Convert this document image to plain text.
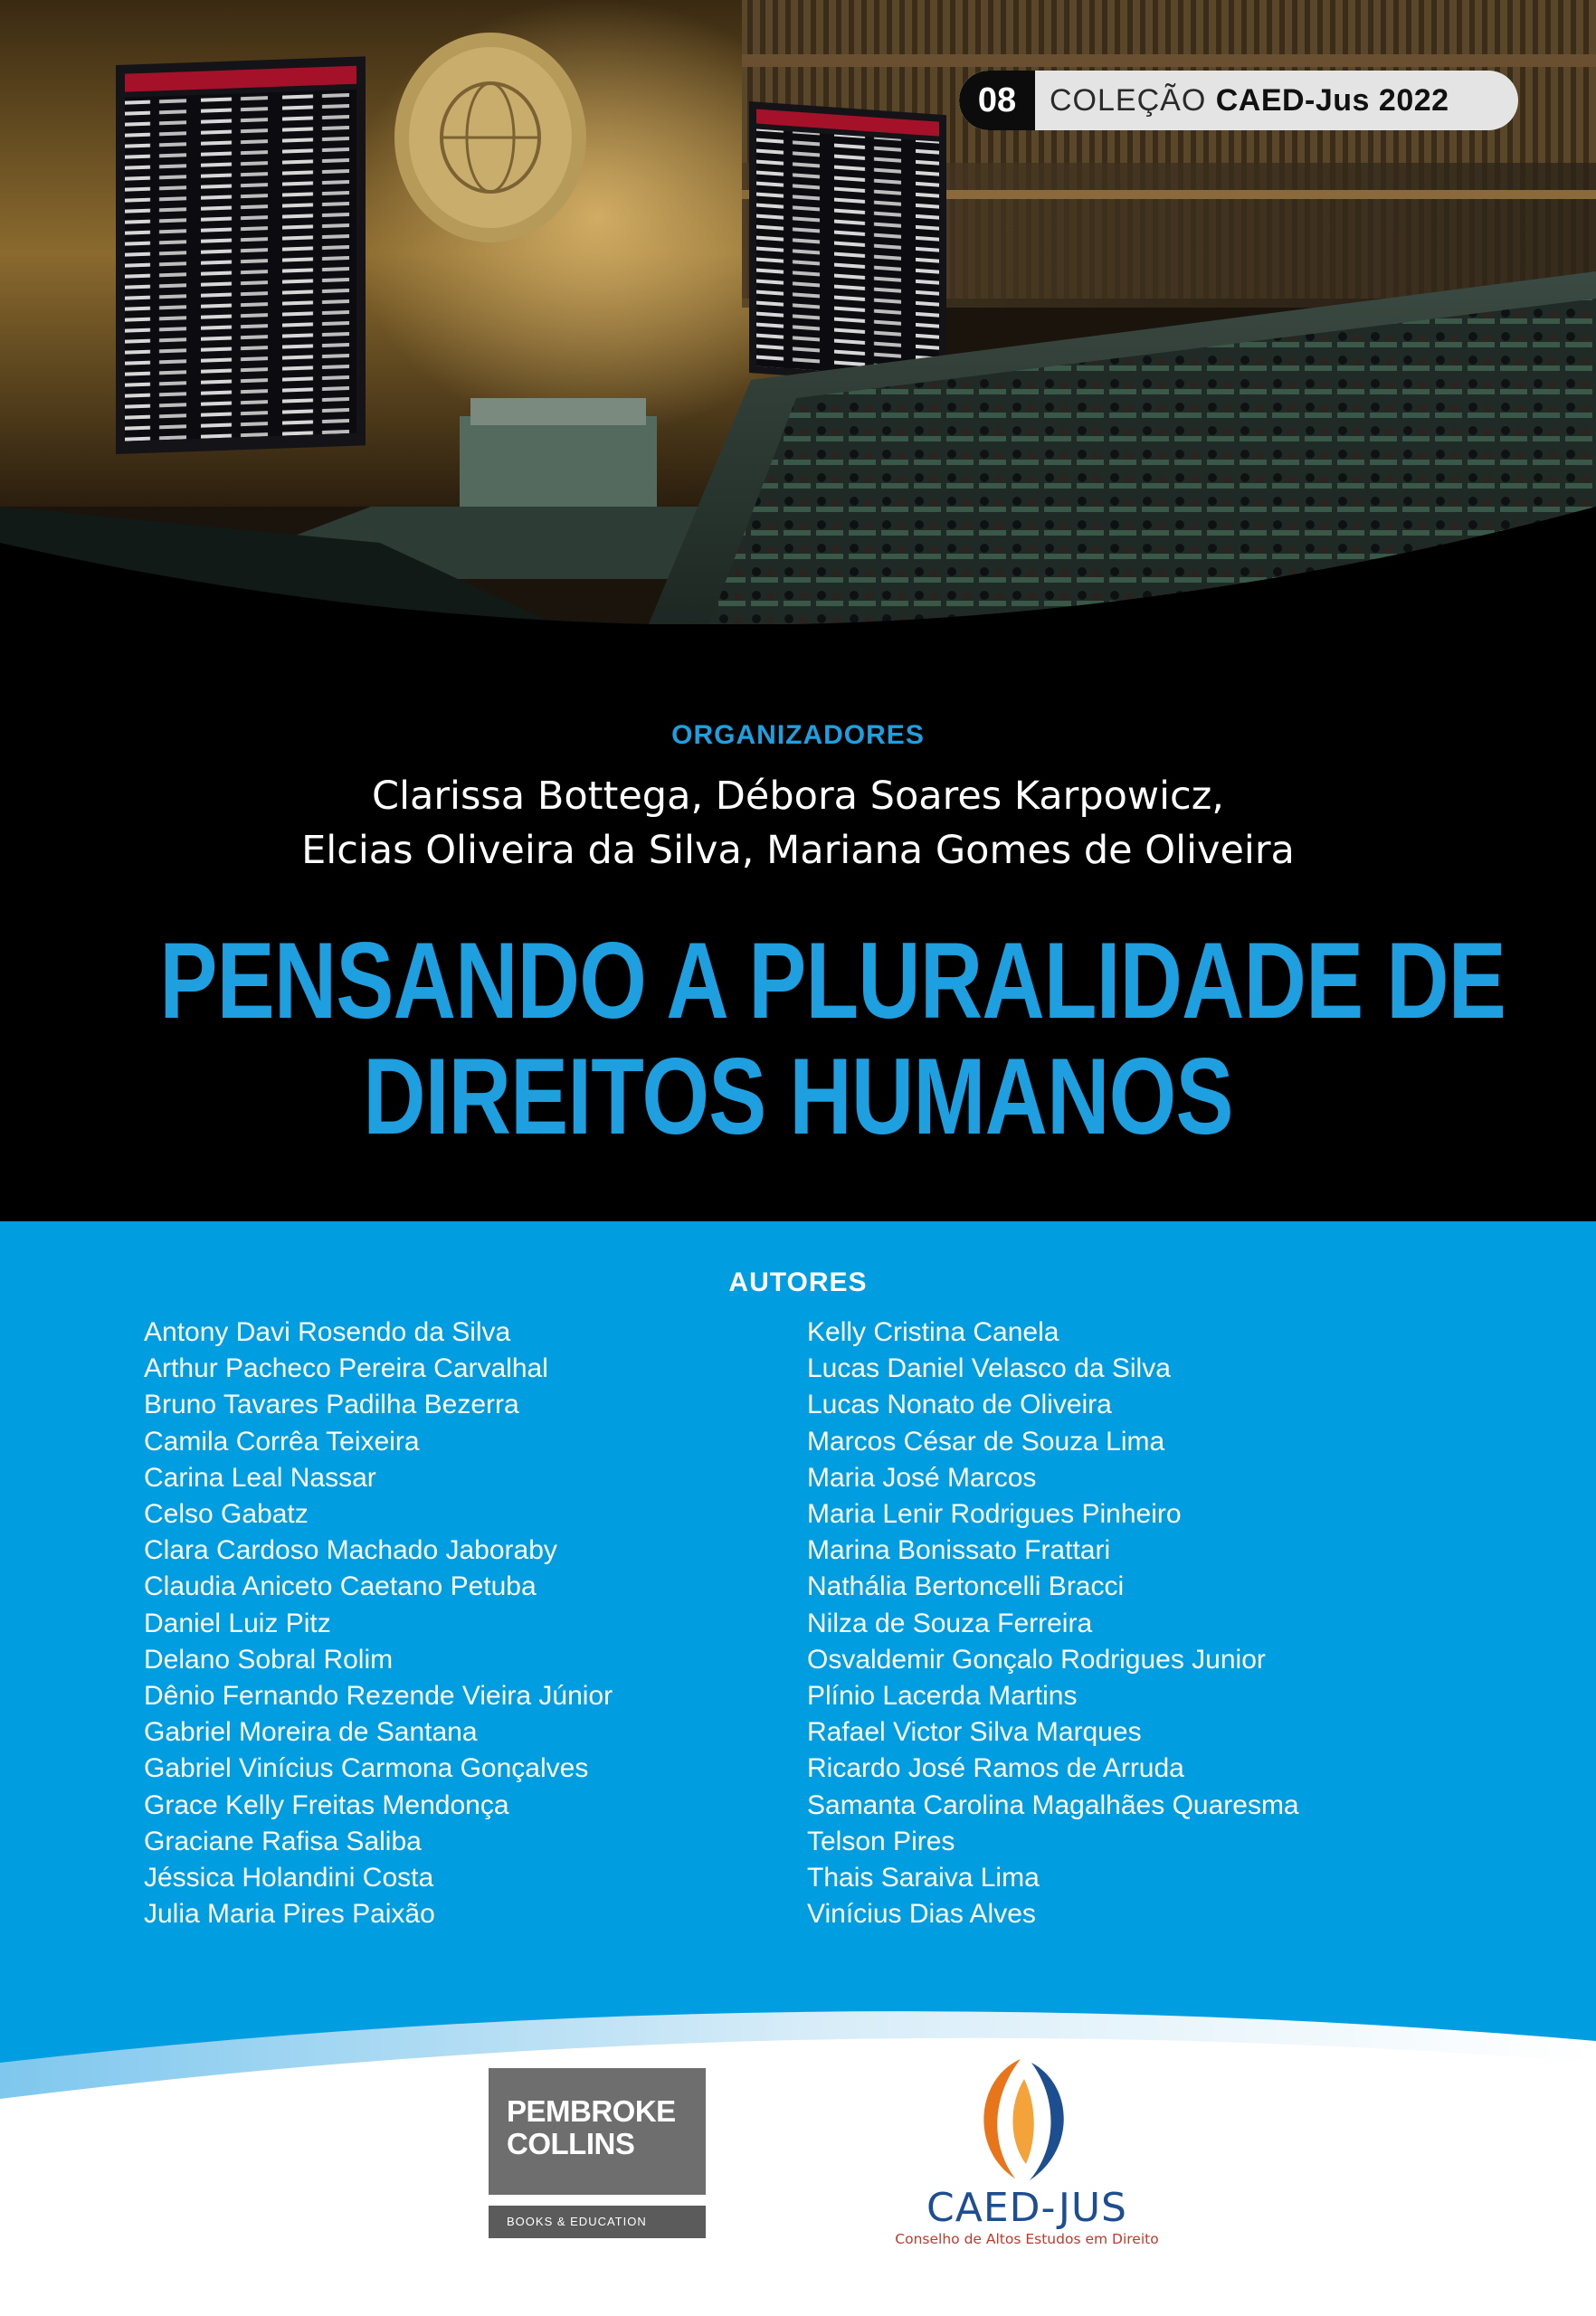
08	COLEÇÃO CAED-Jus 2022
ORGANIZADORES
Clarissa Bottega, Débora Soares Karpowicz,
Elcias Oliveira da Silva, Mariana Gomes de Oliveira
PENSANDO A PLURALIDADE DE
DIREITOS HUMANOS
AUTORES
Antony Davi Rosendo da Silva
Arthur Pacheco Pereira Carvalhal
Bruno Tavares Padilha Bezerra
Camila Corrêa Teixeira
Carina Leal Nassar
Celso Gabatz
Clara Cardoso Machado Jaboraby
Claudia Aniceto Caetano Petuba
Daniel Luiz Pitz
Delano Sobral Rolim
Dênio Fernando Rezende Vieira Júnior
Gabriel Moreira de Santana
Gabriel Vinícius Carmona Gonçalves
Grace Kelly Freitas Mendonça
Graciane Rafisa Saliba
Jéssica Holandini Costa
Julia Maria Pires Paixão
Kelly Cristina Canela
Lucas Daniel Velasco da Silva
Lucas Nonato de Oliveira
Marcos César de Souza Lima
Maria José Marcos
Maria Lenir Rodrigues Pinheiro
Marina Bonissato Frattari
Nathália Bertoncelli Bracci
Nilza de Souza Ferreira
Osvaldemir Gonçalo Rodrigues Junior
Plínio Lacerda Martins
Rafael Victor Silva Marques
Ricardo José Ramos de Arruda
Samanta Carolina Magalhães Quaresma
Telson Pires
Thais Saraiva Lima
Vinícius Dias Alves
PEMBROKE
COLLINS
BOOKS & EDUCATION	CAED-JUS
Conselho de Altos Estudos em Direito
